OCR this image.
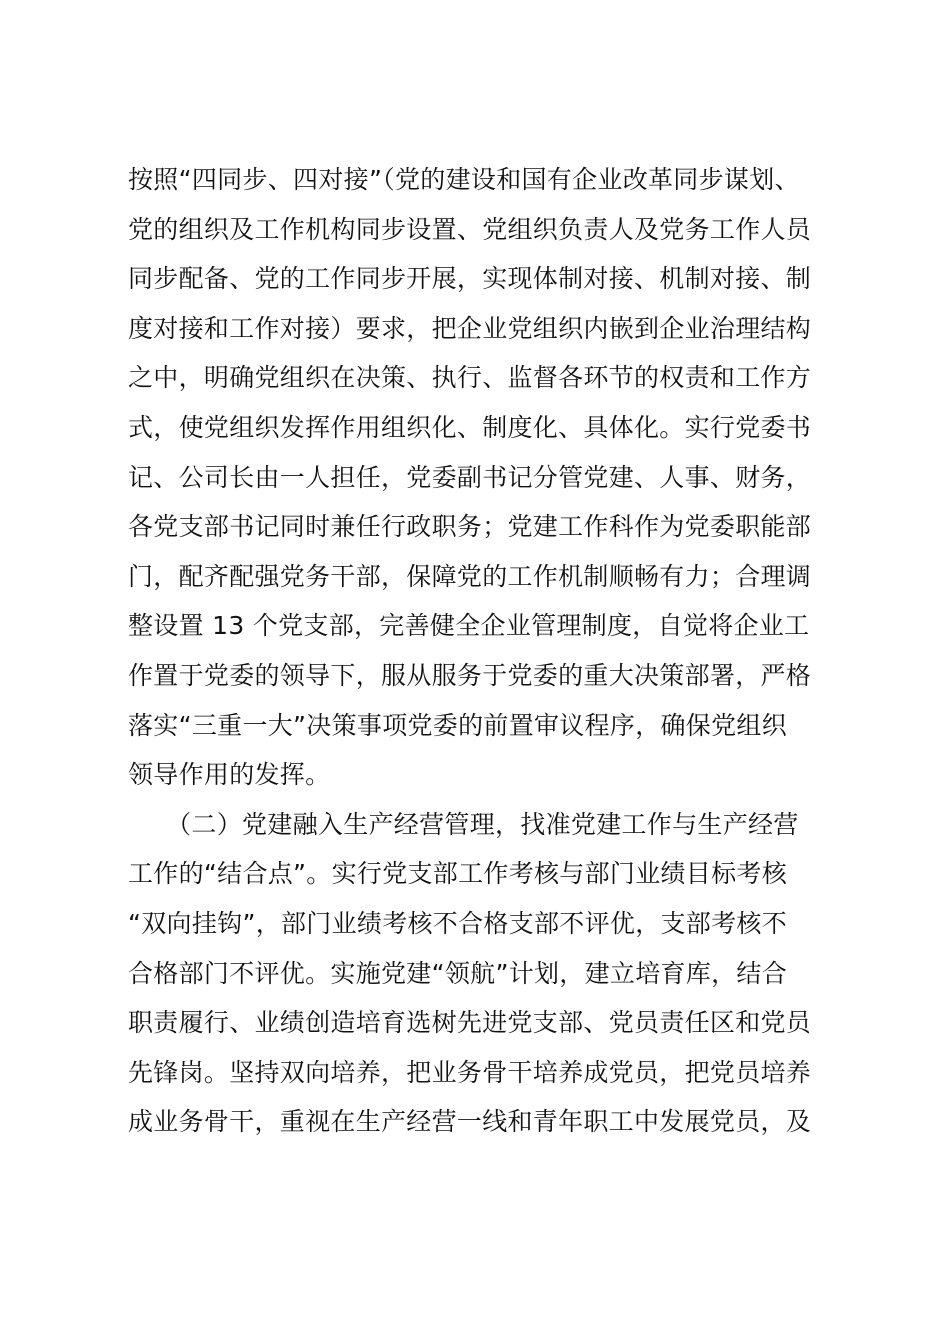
按照“四同步、四对接”（党的建设和国有企业改革同步谋划、
党的组织及工作机构同步设置、党组织负责人及党务工作人员
同步配备、党的工作同步开展，实现体制对接、机制对接、制
度对接和工作对接）要求，把企业党组织内嵌到企业治理结构
之中，明确党组织在决策、执行、监督各环节的权责和工作方
式，使党组织发挥作用组织化、制度化、具体化。实行党委书
记、公司长由一人担任，党委副书记分管党建、人事、财务，
各党支部书记同时兼任行政职务；党建工作科作为党委职能部
门，配齐配强党务干部，保障党的工作机制顺畅有力；合理调
整设置 13 个党支部，完善健全企业管理制度，自觉将企业工
作置于党委的领导下，服从服务于党委的重大决策部署，严格
落实“三重一大”决策事项党委的前置审议程序，确保党组织
领导作用的发挥。
　　（二）党建融入生产经营管理，找准党建工作与生产经营
工作的“结合点”。实行党支部工作考核与部门业绩目标考核
“双向挂钩”，部门业绩考核不合格支部不评优，支部考核不
合格部门不评优。实施党建“领航”计划，建立培育库，结合
职责履行、业绩创造培育选树先进党支部、党员责任区和党员
先锋岗。坚持双向培养，把业务骨干培养成党员，把党员培养
成业务骨干，重视在生产经营一线和青年职工中发展党员，及
